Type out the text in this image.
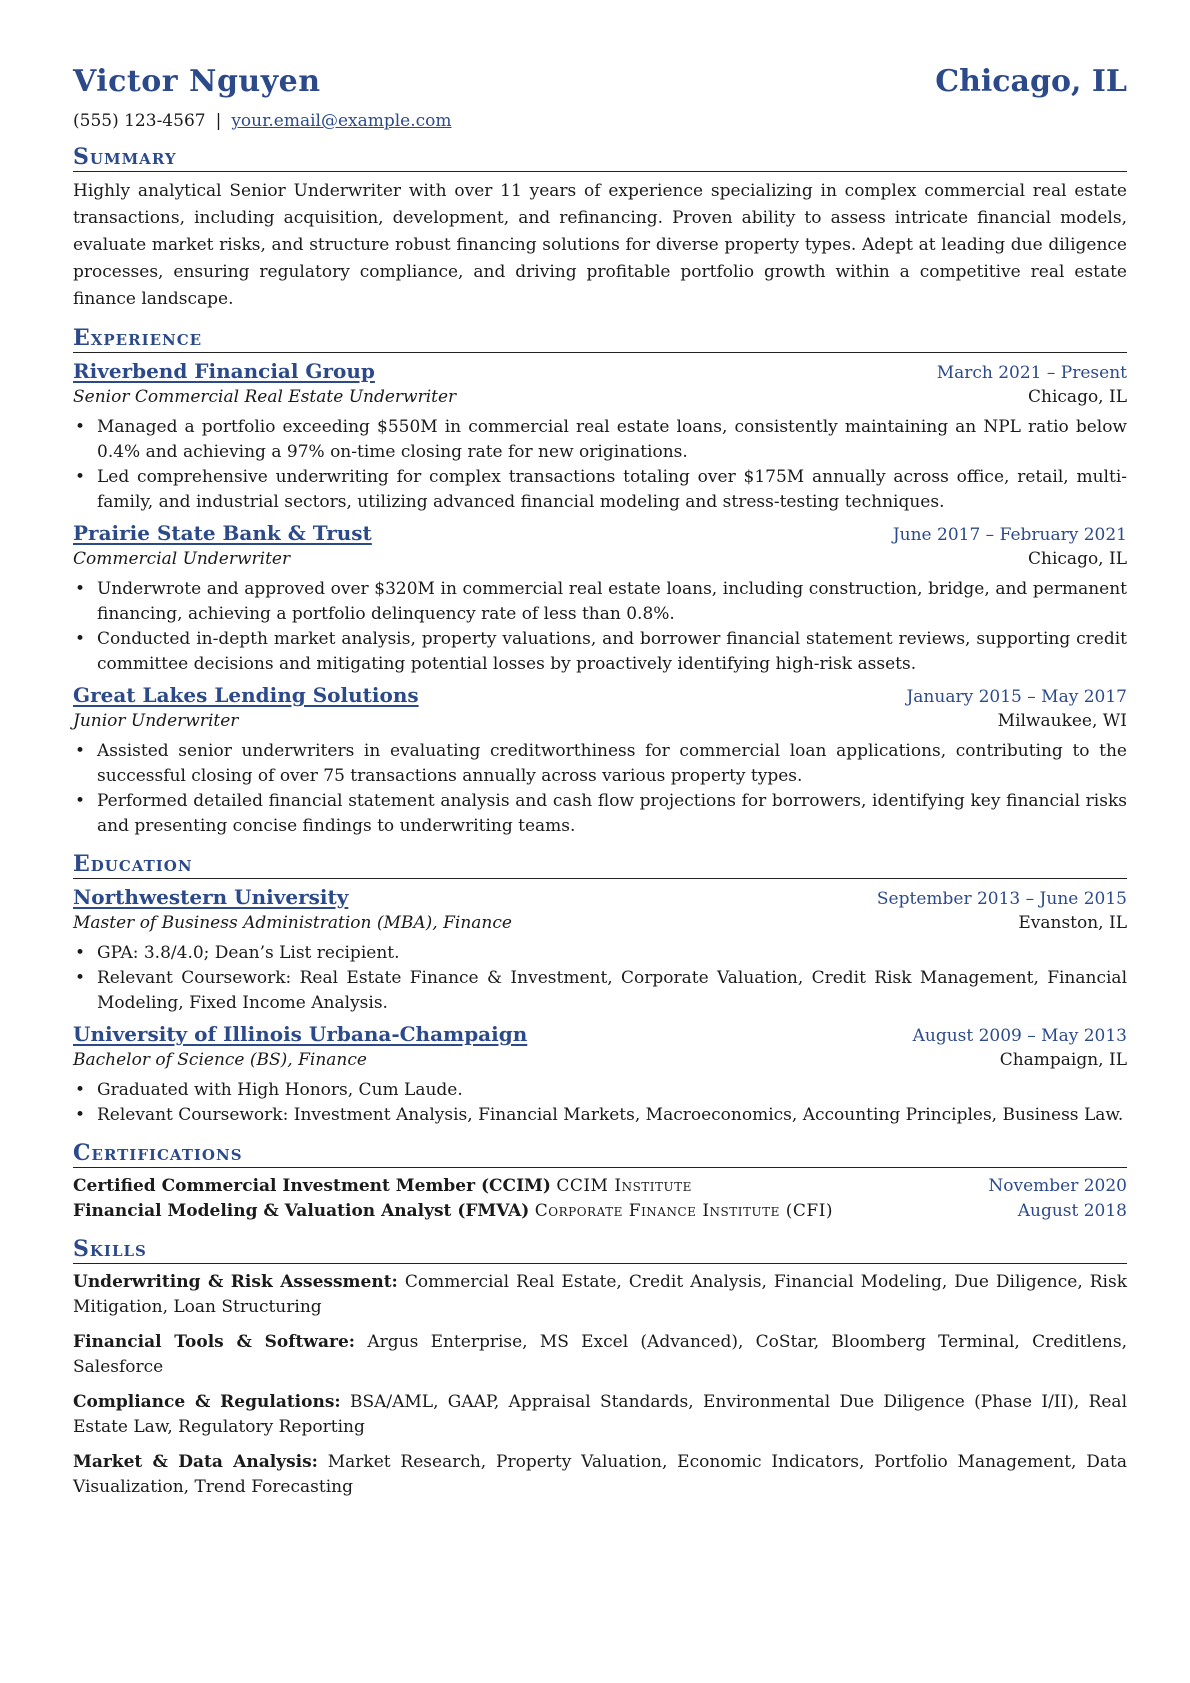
Victor Nguyen	Chicago, IL
(555) 123-4567 | your.email@example.com
Summary

Highly analytical Senior Underwriter with over 11 years of experience specializing in complex commercial real estate transactions, including acquisition, development, and refinancing. Proven ability to assess intricate financial models, evaluate market risks, and structure robust financing solutions for diverse property types. Adept at leading due diligence processes, ensuring regulatory compliance, and driving profitable portfolio growth within a competitive real estate finance landscape.

Experience
Riverbend Financial Group	March 2021 – Present
Senior Commercial Real Estate Underwriter	Chicago, IL
• Managed a portfolio exceeding $550M in commercial real estate loans, consistently maintaining an NPL ratio below 0.4% and achieving a 97% on-time closing rate for new originations.
• Led comprehensive underwriting for complex transactions totaling over $175M annually across office, retail, multi-family, and industrial sectors, utilizing advanced financial modeling and stress-testing techniques.
Prairie State Bank & Trust	June 2017 – February 2021
Commercial Underwriter	Chicago, IL
• Underwrote and approved over $320M in commercial real estate loans, including construction, bridge, and permanent financing, achieving a portfolio delinquency rate of less than 0.8%.
• Conducted in-depth market analysis, property valuations, and borrower financial statement reviews, supporting credit committee decisions and mitigating potential losses by proactively identifying high-risk assets.
Great Lakes Lending Solutions	January 2015 – May 2017
Junior Underwriter	Milwaukee, WI
• Assisted senior underwriters in evaluating creditworthiness for commercial loan applications, contributing to the successful closing of over 75 transactions annually across various property types.
• Performed detailed financial statement analysis and cash flow projections for borrowers, identifying key financial risks and presenting concise findings to underwriting teams.
Education
Northwestern University	September 2013 – June 2015
Master of Business Administration (MBA), Finance	Evanston, IL
• GPA: 3.8/4.0; Dean’s List recipient.
• Relevant Coursework: Real Estate Finance & Investment, Corporate Valuation, Credit Risk Management, Financial Modeling, Fixed Income Analysis.
University of Illinois Urbana-Champaign	August 2009 – May 2013
Bachelor of Science (BS), Finance	Champaign, IL
• Graduated with High Honors, Cum Laude.
• Relevant Coursework: Investment Analysis, Financial Markets, Macroeconomics, Accounting Principles, Business Law.
Certifications
Certified Commercial Investment Member (CCIM) CCIM Institute	November 2020
Financial Modeling & Valuation Analyst (FMVA) Corporate Finance Institute (CFI)	August 2018
Skills
Underwriting & Risk Assessment: Commercial Real Estate, Credit Analysis, Financial Modeling, Due Diligence, Risk Mitigation, Loan Structuring
Financial Tools & Software: Argus Enterprise, MS Excel (Advanced), CoStar, Bloomberg Terminal, Creditlens, Salesforce
Compliance & Regulations: BSA/AML, GAAP, Appraisal Standards, Environmental Due Diligence (Phase I/II), Real Estate Law, Regulatory Reporting
Market & Data Analysis: Market Research, Property Valuation, Economic Indicators, Portfolio Management, Data Visualization, Trend Forecasting
